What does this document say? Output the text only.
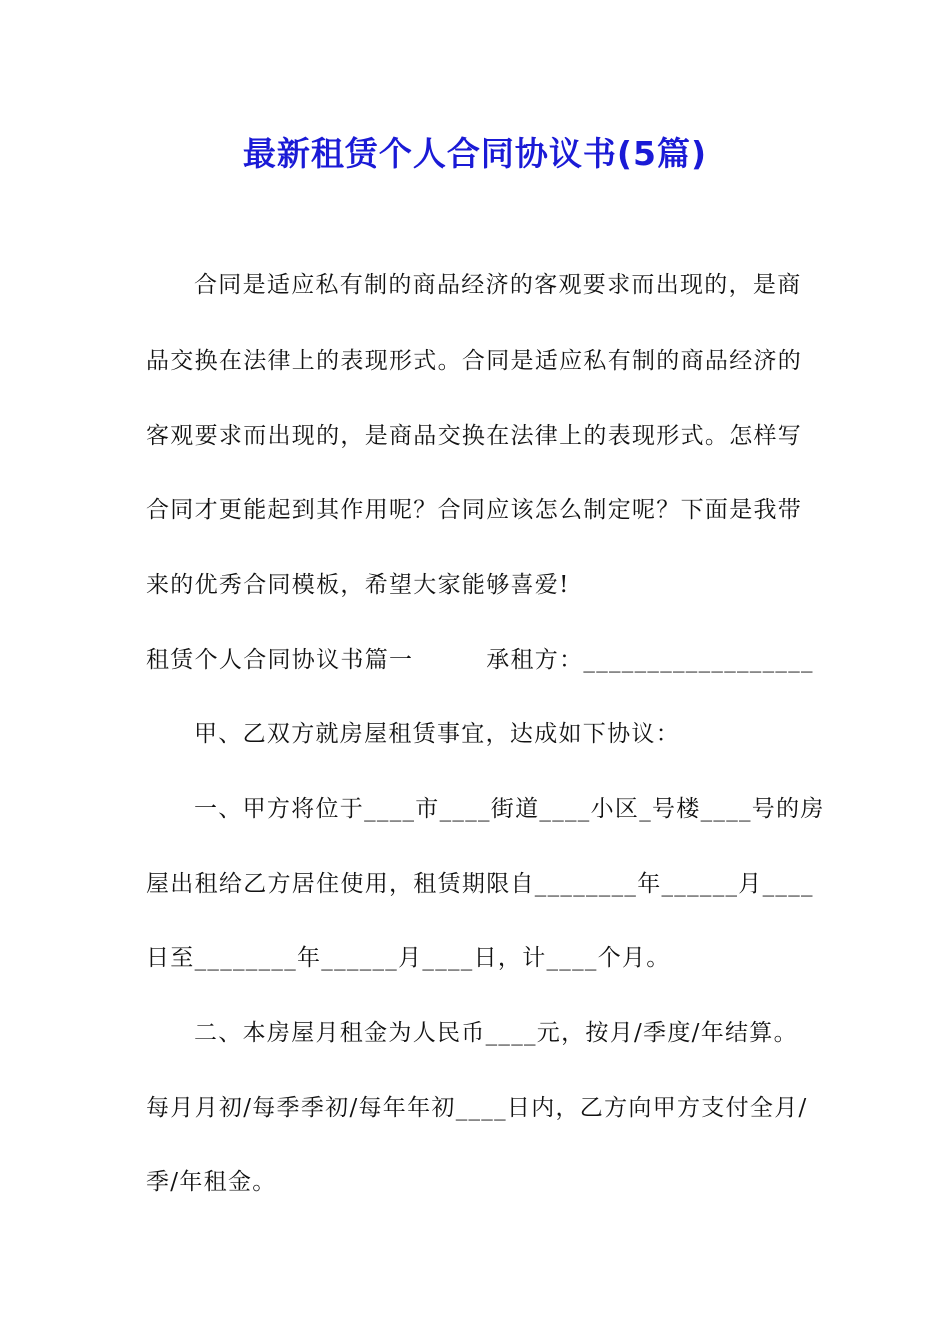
最新租赁个人合同协议书(5篇)
合同是适应私有制的商品经济的客观要求而出现的，是商
品交换在法律上的表现形式。合同是适应私有制的商品经济的
客观要求而出现的，是商品交换在法律上的表现形式。怎样写
合同才更能起到其作用呢？合同应该怎么制定呢？下面是我带
来的优秀合同模板，希望大家能够喜爱!
租赁个人合同协议书篇一　　　承租方：__________________
甲、乙双方就房屋租赁事宜，达成如下协议：
一、甲方将位于____市____街道____小区_号楼____号的房
屋出租给乙方居住使用，租赁期限自________年______月____
日至________年______月____日，计____个月。
二、本房屋月租金为人民币____元，按月/季度/年结算。
每月月初/每季季初/每年年初____日内，乙方向甲方支付全月/
季/年租金。
